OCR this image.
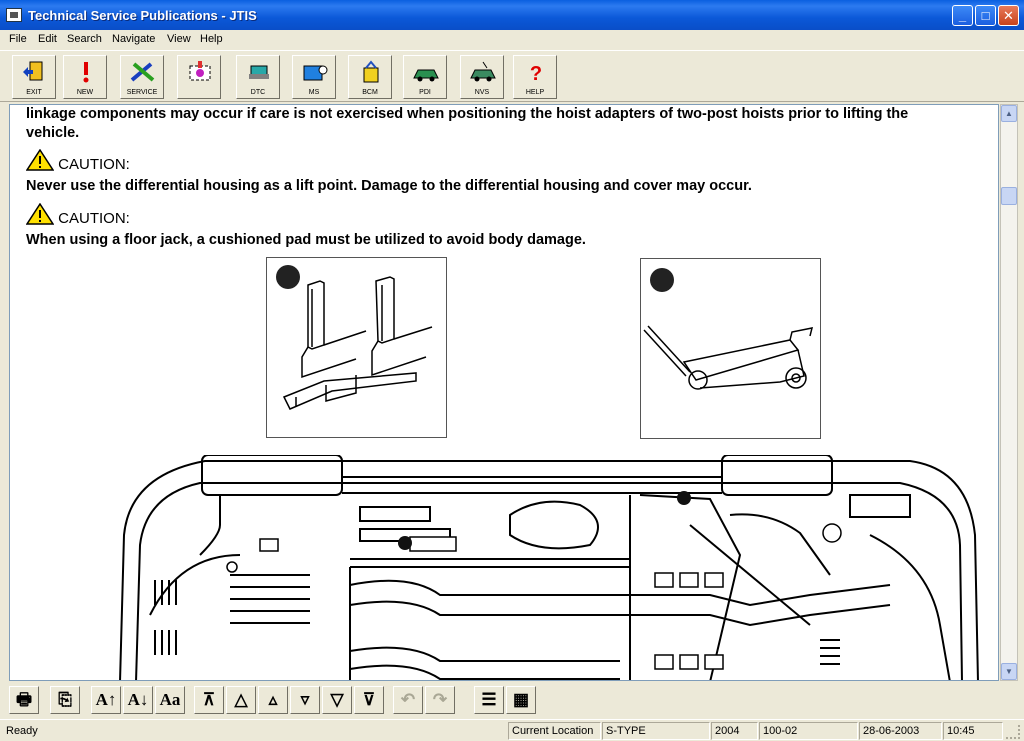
Technical Service Publications - JTIS	_	□	✕
File Edit Search Navigate View Help
EXIT	NEW	SERVICE	DTC	MS	BCM	PDI	NVS
?
HELP
linkage components may occur if care is not exercised when positioning the hoist adapters of two-post hoists prior to lifting the
vehicle.
CAUTION:
Never use the differential housing as a lift point. Damage to the differential housing and cover may occur.
CAUTION:
When using a floor jack, a cushioned pad must be utilized to avoid body damage.
▲
▼
🖶	⎘	A↑ A↓ Aa	⊼	△	▵	▿	▽	⊽	↶	↷	☰ ▦
Ready	Current Location	S-TYPE	2004	100-02	28-06-2003	10:45
